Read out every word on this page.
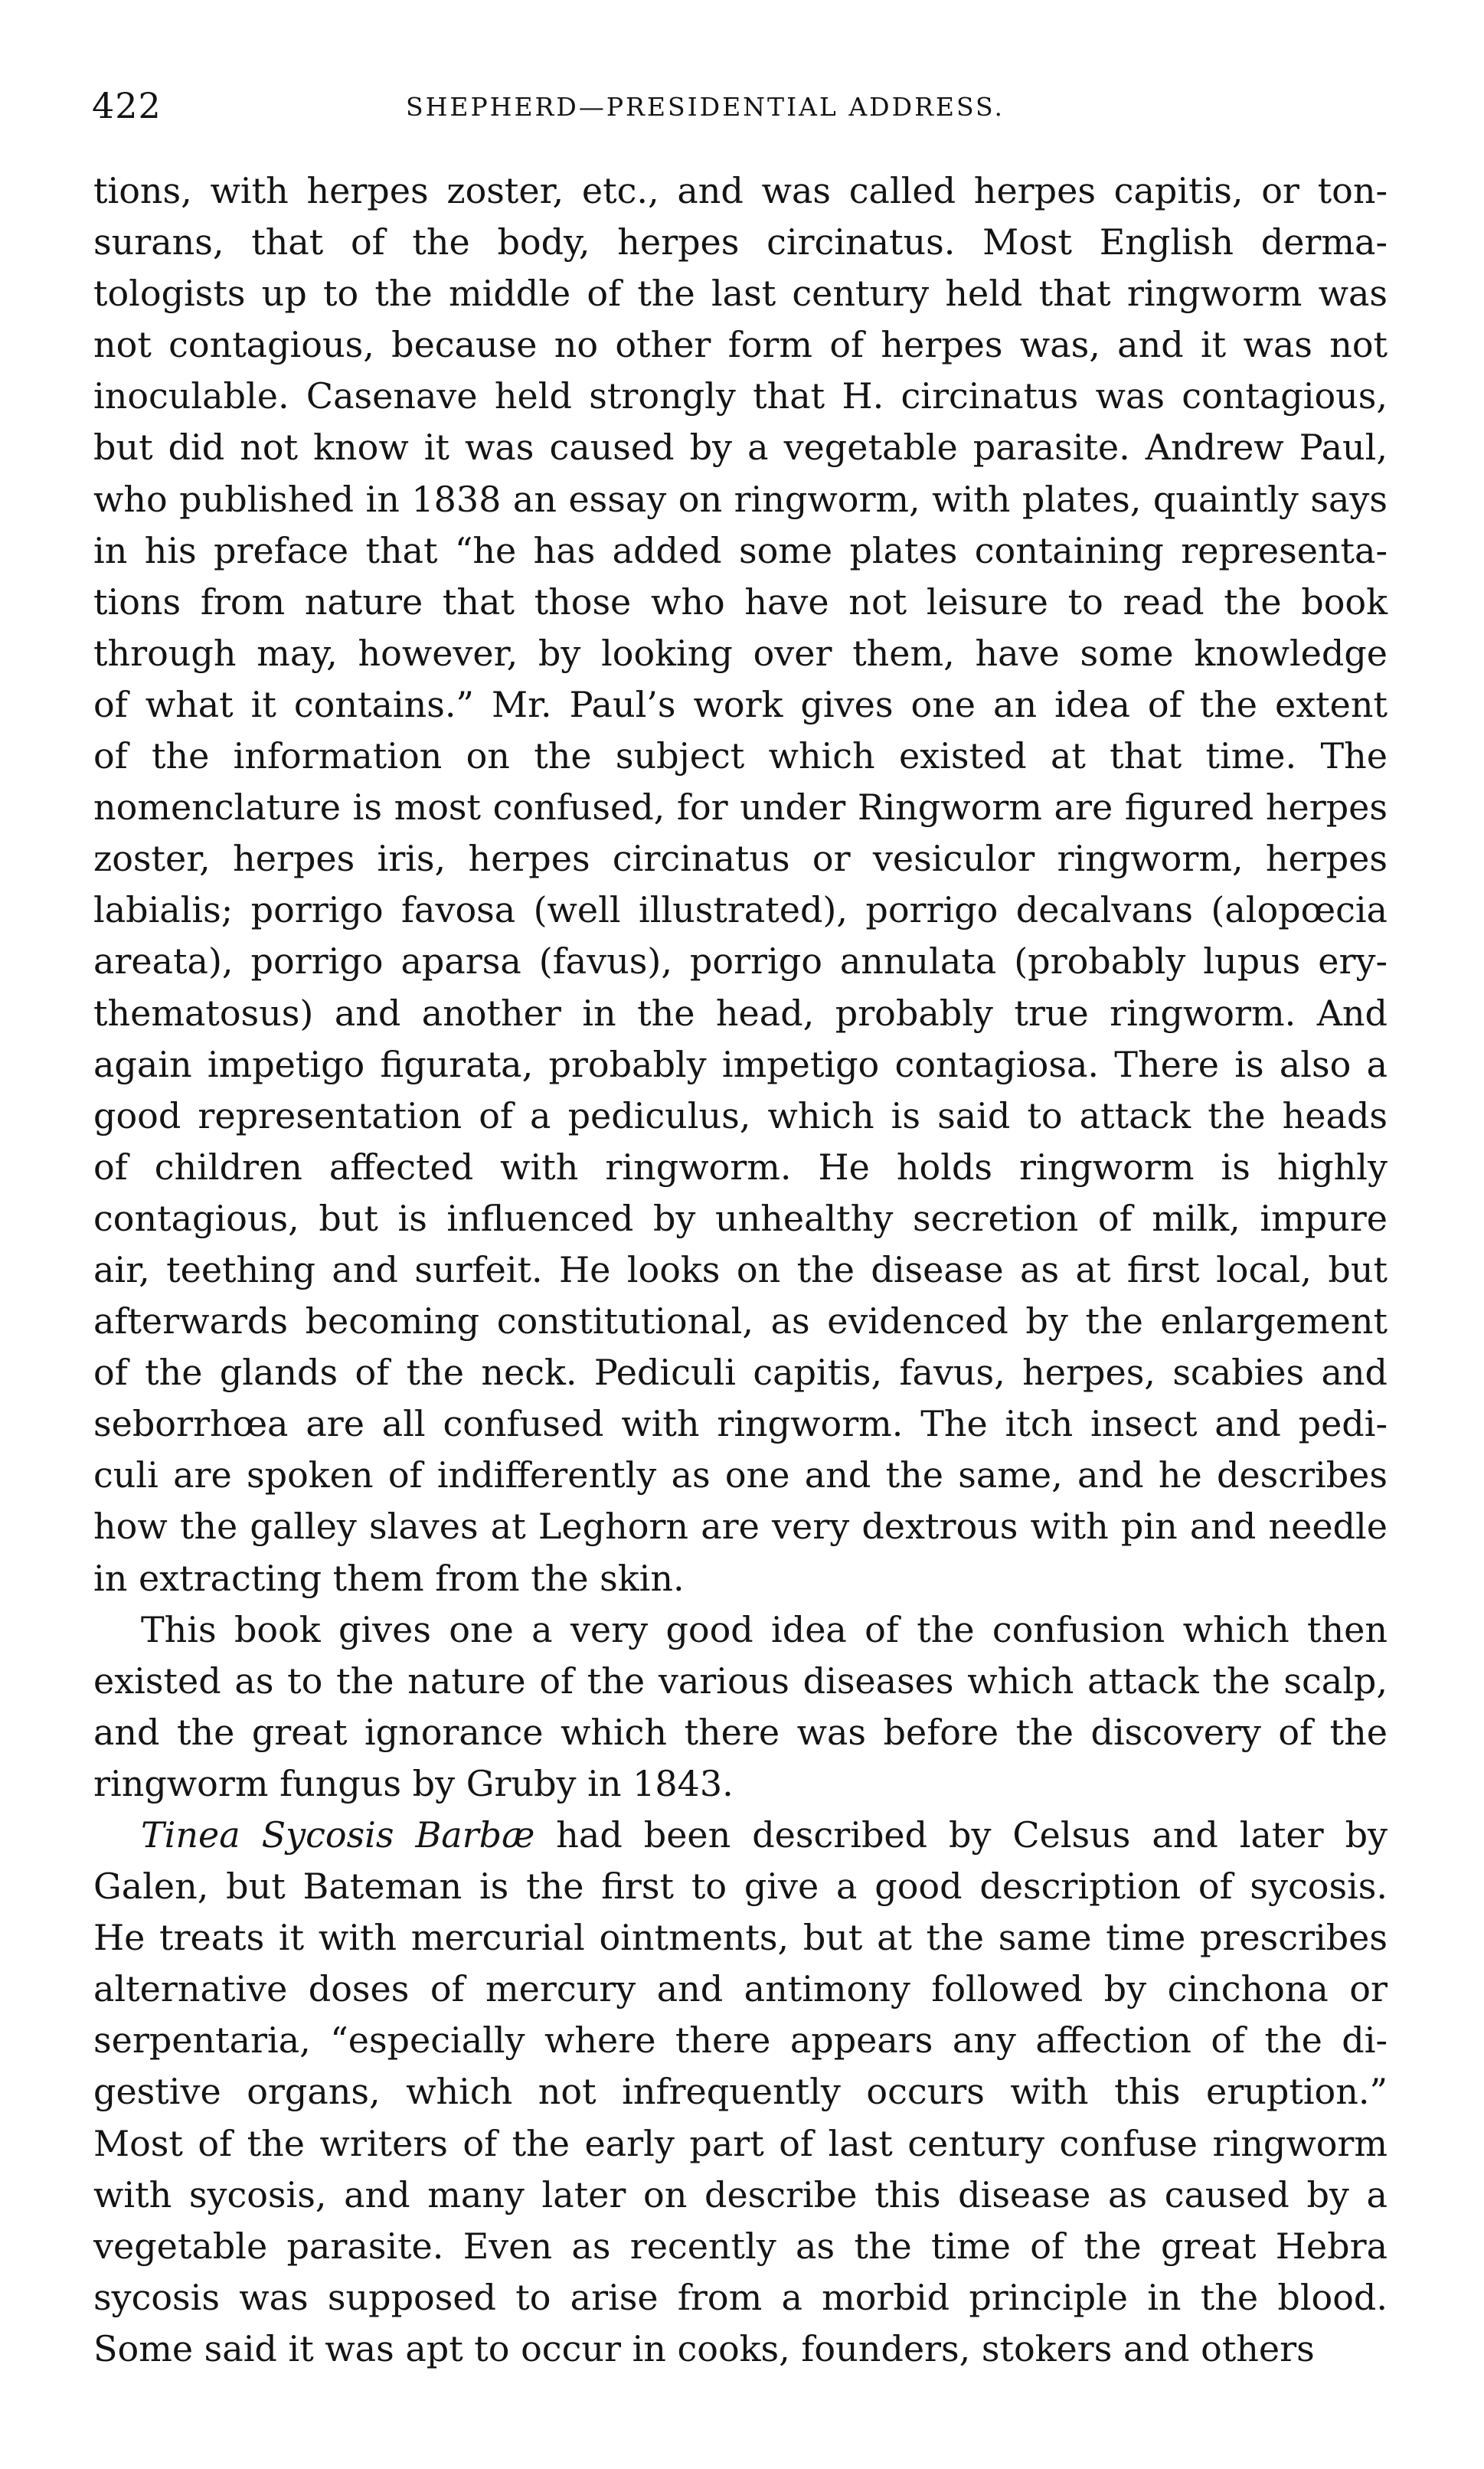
422	SHEPHERD—PRESIDENTIAL ADDRESS.
tions, with herpes zoster, etc., and was called herpes capitis, or ton-
surans, that of the body, herpes circinatus. Most English derma-
tologists up to the middle of the last century held that ringworm was
not contagious, because no other form of herpes was, and it was not
inoculable. Casenave held strongly that H. circinatus was contagious,
but did not know it was caused by a vegetable parasite. Andrew Paul,
who published in 1838 an essay on ringworm, with plates, quaintly says
in his preface that “he has added some plates containing representa-
tions from nature that those who have not leisure to read the book
through may, however, by looking over them, have some knowledge
of what it contains.” Mr. Paul’s work gives one an idea of the extent
of the information on the subject which existed at that time. The
nomenclature is most confused, for under Ringworm are figured herpes
zoster, herpes iris, herpes circinatus or vesiculor ringworm, herpes
labialis; porrigo favosa (well illustrated), porrigo decalvans (alopœcia
areata), porrigo aparsa (favus), porrigo annulata (probably lupus ery-
thematosus) and another in the head, probably true ringworm. And
again impetigo figurata, probably impetigo contagiosa. There is also a
good representation of a pediculus, which is said to attack the heads
of children affected with ringworm. He holds ringworm is highly
contagious, but is influenced by unhealthy secretion of milk, impure
air, teething and surfeit. He looks on the disease as at first local, but
afterwards becoming constitutional, as evidenced by the enlargement
of the glands of the neck. Pediculi capitis, favus, herpes, scabies and
seborrhœa are all confused with ringworm. The itch insect and pedi-
culi are spoken of indifferently as one and the same, and he describes
how the galley slaves at Leghorn are very dextrous with pin and needle
in extracting them from the skin.
This book gives one a very good idea of the confusion which then
existed as to the nature of the various diseases which attack the scalp,
and the great ignorance which there was before the discovery of the
ringworm fungus by Gruby in 1843.
Tinea Sycosis Barbæ had been described by Celsus and later by
Galen, but Bateman is the first to give a good description of sycosis.
He treats it with mercurial ointments, but at the same time prescribes
alternative doses of mercury and antimony followed by cinchona or
serpentaria, “especially where there appears any affection of the di-
gestive organs, which not infrequently occurs with this eruption.”
Most of the writers of the early part of last century confuse ringworm
with sycosis, and many later on describe this disease as caused by a
vegetable parasite. Even as recently as the time of the great Hebra
sycosis was supposed to arise from a morbid principle in the blood.
Some said it was apt to occur in cooks, founders, stokers and others
